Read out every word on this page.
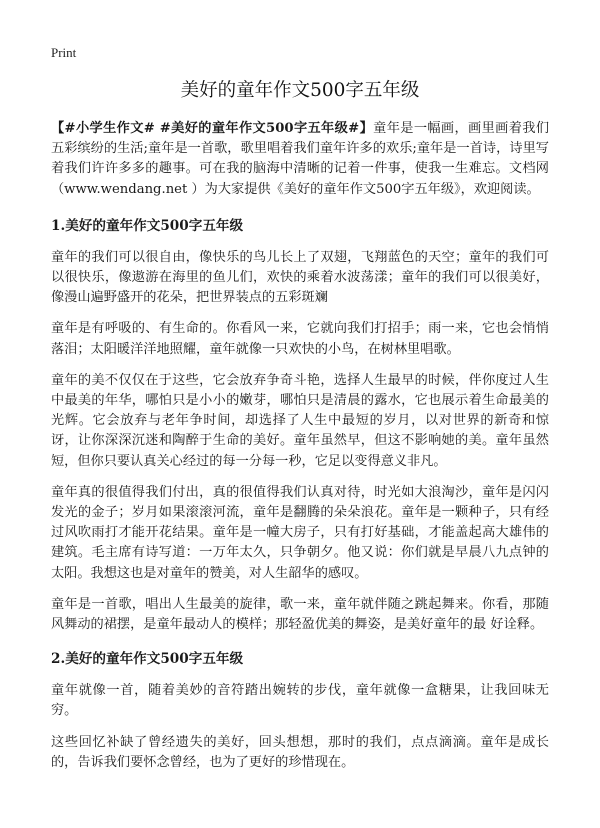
Print
美好的童年作文500字五年级

【#小学生作文# #美好的童年作文500字五年级#】童年是一幅画，画里画着我们五彩缤纷的生活;童年是一首歌，歌里唱着我们童年许多的欢乐;童年是一首诗，诗里写着我们许许多多的趣事。可在我的脑海中清晰的记着一件事，使我一生难忘。文档网（www.wendang.net ）为大家提供《美好的童年作文500字五年级》，欢迎阅读。

1.美好的童年作文500字五年级

童年的我们可以很自由，像快乐的鸟儿长上了双翅，飞翔蓝色的天空；童年的我们可以很快乐，像遨游在海里的鱼儿们，欢快的乘着水波荡漾；童年的我们可以很美好，像漫山遍野盛开的花朵，把世界装点的五彩斑斓

童年是有呼吸的、有生命的。你看风一来，它就向我们打招手；雨一来，它也会悄悄落泪；太阳暖洋洋地照耀，童年就像一只欢快的小鸟，在树林里唱歌。

童年的美不仅仅在于这些，它会放弃争奇斗艳，选择人生最早的时候，伴你度过人生中最美的年华，哪怕只是小小的嫩芽，哪怕只是清晨的露水，它也展示着生命最美的光辉。它会放弃与老年争时间，却选择了人生中最短的岁月，以对世界的新奇和惊讶，让你深深沉迷和陶醉于生命的美好。童年虽然早，但这不影响她的美。童年虽然短，但你只要认真关心经过的每一分每一秒，它足以变得意义非凡。

童年真的很值得我们付出，真的很值得我们认真对待，时光如大浪淘沙，童年是闪闪发光的金子；岁月如果滚滚河流，童年是翻腾的朵朵浪花。童年是一颗种子，只有经过风吹雨打才能开花结果。童年是一幢大房子，只有打好基础，才能盖起高大雄伟的建筑。毛主席有诗写道：一万年太久，只争朝夕。他又说：你们就是早晨八九点钟的太阳。我想这也是对童年的赞美，对人生韶华的感叹。

童年是一首歌，唱出人生最美的旋律，歌一来，童年就伴随之跳起舞来。你看，那随风舞动的裙摆，是童年最动人的模样；那轻盈优美的舞姿，是美好童年的最 好诠释。

2.美好的童年作文500字五年级

童年就像一首，随着美妙的音符踏出婉转的步伐，童年就像一盒糖果，让我回味无穷。

这些回忆补缺了曾经遗失的美好，回头想想，那时的我们，点点滴滴。童年是成长的，告诉我们要怀念曾经，也为了更好的珍惜现在。
